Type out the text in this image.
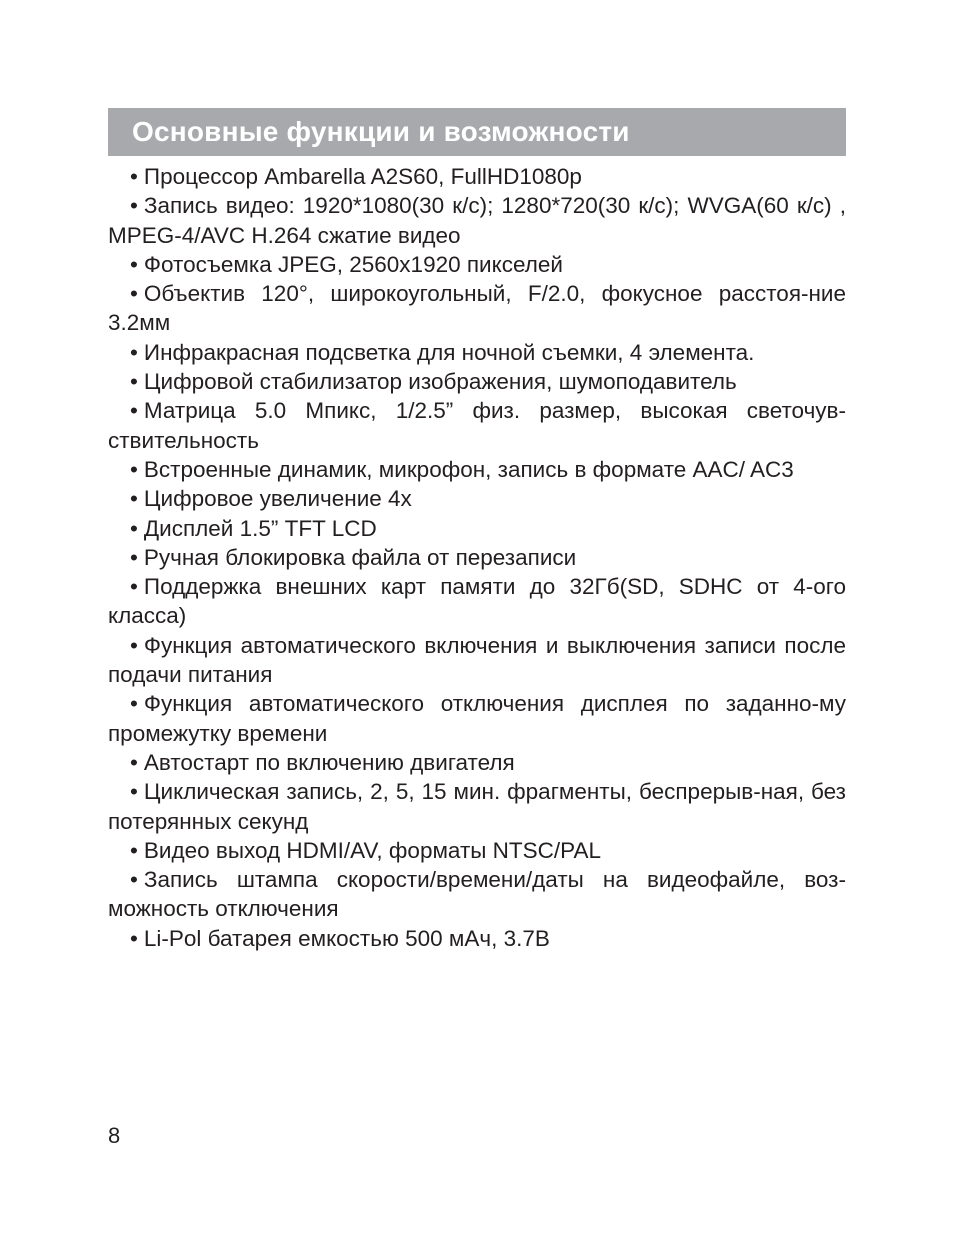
Основные функции и возможности
• Процессор Ambarella A2S60, FullHD1080p
• Запись видео: 1920*1080(30 к/с); 1280*720(30 к/с); WVGA(60 к/с) , MPEG-4/AVC H.264 сжатие видео
• Фотосъемка JPEG, 2560x1920 пикселей
• Объектив 120°, широкоугольный, F/2.0, фокусное расстоя-ние 3.2мм
• Инфракрасная подсветка для ночной съемки, 4 элемента.
• Цифровой стабилизатор изображения, шумоподавитель
• Матрица 5.0 Мпикс, 1/2.5” физ. размер, высокая светочув-ствительность
• Встроенные динамик, микрофон, запись в формате AAC/ AC3
• Цифровое увеличение 4x
• Дисплей 1.5” TFT LCD
• Ручная блокировка файла от перезаписи
• Поддержка внешних карт памяти до 32Гб(SD, SDHC от 4-ого класса)
• Функция автоматического включения и выключения записи после подачи питания
• Функция автоматического отключения дисплея по заданно-му промежутку времени
• Автостарт по включению двигателя
• Циклическая запись, 2, 5, 15 мин. фрагменты, беспрерыв-ная, без потерянных секунд
• Видео выход HDMI/AV, форматы NTSC/PAL
• Запись штампа скорости/времени/даты на видеофайле, воз-можность отключения
• Li-Pol батарея емкостью 500 мАч, 3.7В
8
